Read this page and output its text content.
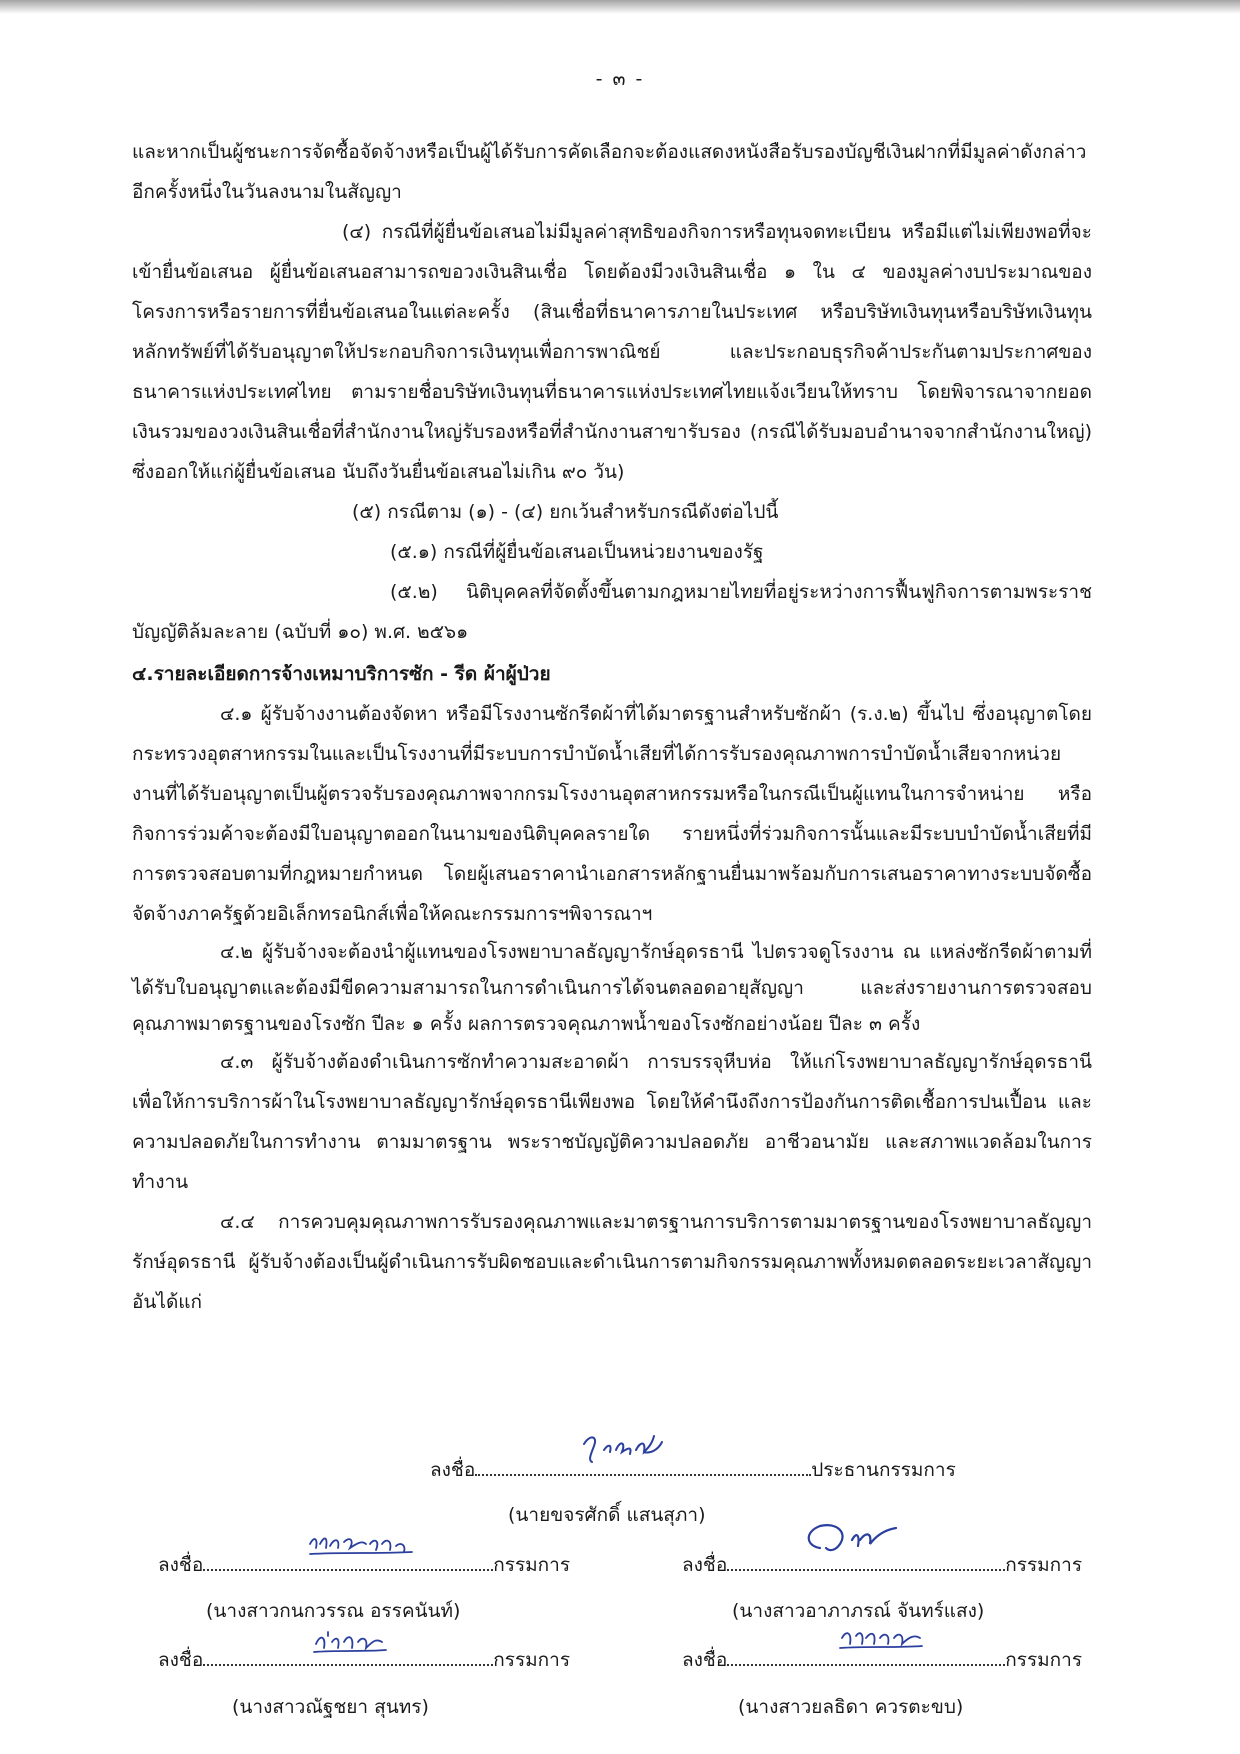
- ๓ -

และหากเป็นผู้ชนะการจัดซื้อจัดจ้างหรือเป็นผู้ได้รับการคัดเลือกจะต้องแสดงหนังสือรับรองบัญชีเงินฝากที่มีมูลค่าดังกล่าวอีกครั้งหนึ่งในวันลงนามในสัญญา

(๔) กรณีที่ผู้ยื่นข้อเสนอไม่มีมูลค่าสุทธิของกิจการหรือทุนจดทะเบียน หรือมีแต่ไม่เพียงพอที่จะเข้ายื่นข้อเสนอ ผู้ยื่นข้อเสนอสามารถขอวงเงินสินเชื่อ โดยต้องมีวงเงินสินเชื่อ ๑ ใน ๔ ของมูลค่างบประมาณของโครงการหรือรายการที่ยื่นข้อเสนอในแต่ละครั้ง (สินเชื่อที่ธนาคารภายในประเทศ หรือบริษัทเงินทุนหรือบริษัทเงินทุนหลักทรัพย์ที่ได้รับอนุญาตให้ประกอบกิจการเงินทุนเพื่อการพาณิชย์ และประกอบธุรกิจค้าประกันตามประกาศของธนาคารแห่งประเทศไทย ตามรายชื่อบริษัทเงินทุนที่ธนาคารแห่งประเทศไทยแจ้งเวียนให้ทราบ โดยพิจารณาจากยอดเงินรวมของวงเงินสินเชื่อที่สำนักงานใหญ่รับรองหรือที่สำนักงานสาขารับรอง (กรณีได้รับมอบอำนาจจากสำนักงานใหญ่) ซึ่งออกให้แก่ผู้ยื่นข้อเสนอ นับถึงวันยื่นข้อเสนอไม่เกิน ๙๐ วัน)

(๕) กรณีตาม (๑) - (๔) ยกเว้นสำหรับกรณีดังต่อไปนี้

(๕.๑) กรณีที่ผู้ยื่นข้อเสนอเป็นหน่วยงานของรัฐ

(๕.๒) นิติบุคคลที่จัดตั้งขึ้นตามกฎหมายไทยที่อยู่ระหว่างการฟื้นฟูกิจการตามพระราชบัญญัติล้มละลาย (ฉบับที่ ๑๐) พ.ศ. ๒๕๖๑

๔.รายละเอียดการจ้างเหมาบริการซัก - รีด ผ้าผู้ป่วย

๔.๑ ผู้รับจ้างงานต้องจัดหา หรือมีโรงงานซักรีดผ้าที่ได้มาตรฐานสำหรับซักผ้า (ร.ง.๒) ขึ้นไป ซึ่งอนุญาตโดยกระทรวงอุตสาหกรรมในและเป็นโรงงานที่มีระบบการบำบัดน้ำเสียที่ได้การรับรองคุณภาพการบำบัดน้ำเสียจากหน่วยงานที่ได้รับอนุญาตเป็นผู้ตรวจรับรองคุณภาพจากกรมโรงงานอุตสาหกรรมหรือในกรณีเป็นผู้แทนในการจำหน่าย หรือกิจการร่วมค้าจะต้องมีใบอนุญาตออกในนามของนิติบุคคลรายใด รายหนึ่งที่ร่วมกิจการนั้นและมีระบบบำบัดน้ำเสียที่มีการตรวจสอบตามที่กฎหมายกำหนด โดยผู้เสนอราคานำเอกสารหลักฐานยื่นมาพร้อมกับการเสนอราคาทางระบบจัดซื้อจัดจ้างภาครัฐด้วยอิเล็กทรอนิกส์เพื่อให้คณะกรรมการฯพิจารณาฯ

๔.๒ ผู้รับจ้างจะต้องนำผู้แทนของโรงพยาบาลธัญญารักษ์อุดรธานี ไปตรวจดูโรงงาน ณ แหล่งซักรีดผ้าตามที่ได้รับใบอนุญาตและต้องมีขีดความสามารถในการดำเนินการได้จนตลอดอายุสัญญา และส่งรายงานการตรวจสอบคุณภาพมาตรฐานของโรงซัก ปีละ ๑ ครั้ง ผลการตรวจคุณภาพน้ำของโรงซักอย่างน้อย ปีละ ๓ ครั้ง

๔.๓ ผู้รับจ้างต้องดำเนินการซักทำความสะอาดผ้า การบรรจุหีบห่อ ให้แก่โรงพยาบาลธัญญารักษ์อุดรธานี เพื่อให้การบริการผ้าในโรงพยาบาลธัญญารักษ์อุดรธานีเพียงพอ โดยให้คำนึงถึงการป้องกันการติดเชื้อการปนเปื้อน และความปลอดภัยในการทำงาน ตามมาตรฐาน พระราชบัญญัติความปลอดภัย อาชีวอนามัย และสภาพแวดล้อมในการทำงาน

๔.๔ การควบคุมคุณภาพการรับรองคุณภาพและมาตรฐานการบริการตามมาตรฐานของโรงพยาบาลธัญญารักษ์อุดรธานี ผู้รับจ้างต้องเป็นผู้ดำเนินการรับผิดชอบและดำเนินการตามกิจกรรมคุณภาพทั้งหมดตลอดระยะเวลาสัญญา อันได้แก่

ลงชื่อ	ประธานกรรมการ
(นายขจรศักดิ์ แสนสุภา)
ลงชื่อ	กรรมการ
(นางสาวกนกวรรณ อรรคนันท์)
ลงชื่อ	กรรมการ
(นางสาวอาภาภรณ์ จันทร์แสง)
ลงชื่อ	กรรมการ
(นางสาวณัฐชยา สุนทร)
ลงชื่อ	กรรมการ
(นางสาวยลธิดา ควรตะขบ)
